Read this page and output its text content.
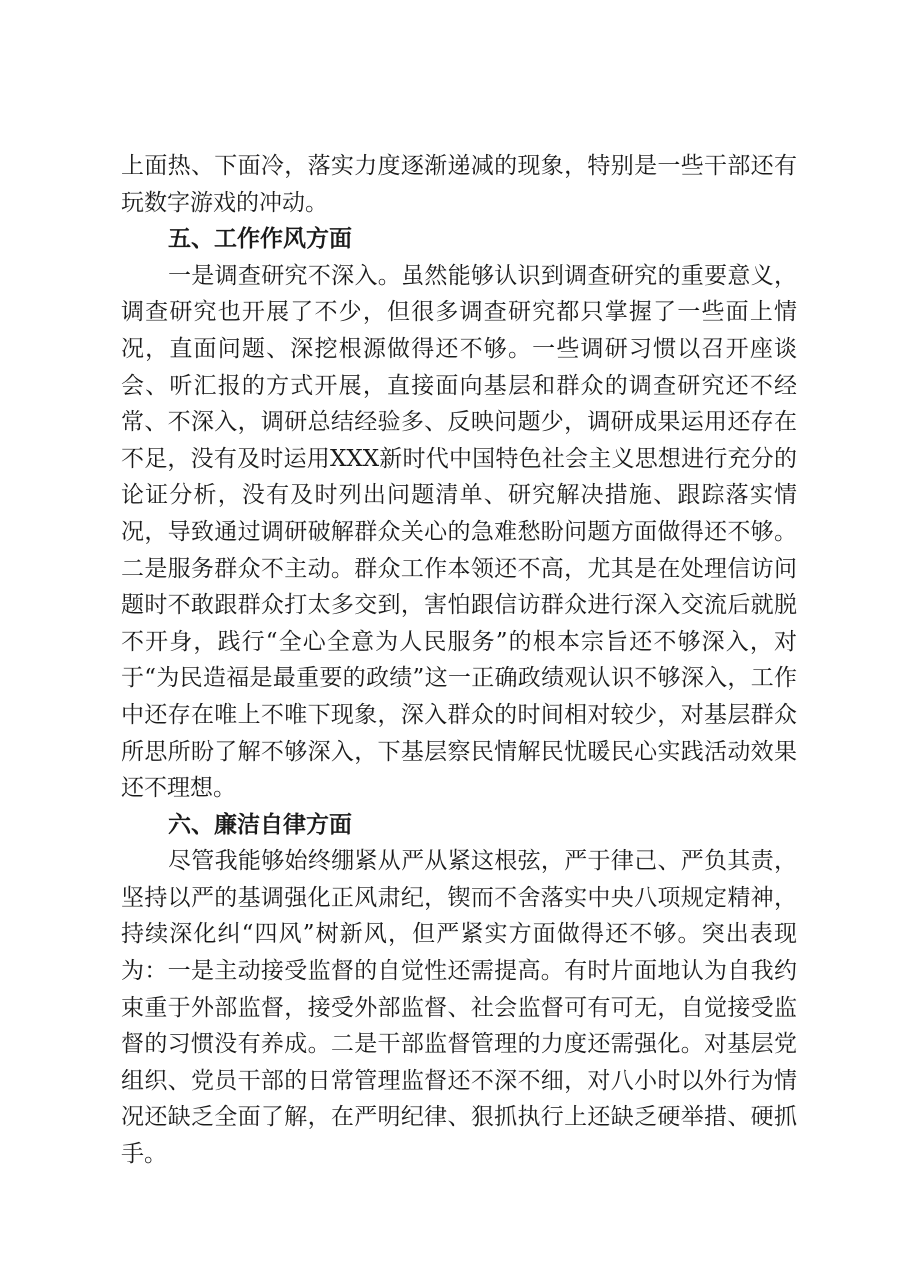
上面热、下面冷，落实力度逐渐递减的现象，特别是一些干部还有玩数字游戏的冲动。

五、工作作风方面

一是调查研究不深入。虽然能够认识到调查研究的重要意义，调查研究也开展了不少，但很多调查研究都只掌握了一些面上情况，直面问题、深挖根源做得还不够。一些调研习惯以召开座谈会、听汇报的方式开展，直接面向基层和群众的调查研究还不经常、不深入，调研总结经验多、反映问题少，调研成果运用还存在不足，没有及时运用XXX新时代中国特色社会主义思想进行充分的论证分析，没有及时列出问题清单、研究解决措施、跟踪落实情况，导致通过调研破解群众关心的急难愁盼问题方面做得还不够。二是服务群众不主动。群众工作本领还不高，尤其是在处理信访问题时不敢跟群众打太多交到，害怕跟信访群众进行深入交流后就脱不开身，践行“全心全意为人民服务”的根本宗旨还不够深入，对于“为民造福是最重要的政绩”这一正确政绩观认识不够深入，工作中还存在唯上不唯下现象，深入群众的时间相对较少，对基层群众所思所盼了解不够深入，下基层察民情解民忧暖民心实践活动效果还不理想。

六、廉洁自律方面

尽管我能够始终绷紧从严从紧这根弦，严于律己、严负其责，坚持以严的基调强化正风肃纪，锲而不舍落实中央八项规定精神，持续深化纠“四风”树新风，但严紧实方面做得还不够。突出表现为：一是主动接受监督的自觉性还需提高。有时片面地认为自我约束重于外部监督，接受外部监督、社会监督可有可无，自觉接受监督的习惯没有养成。二是干部监督管理的力度还需强化。对基层党组织、党员干部的日常管理监督还不深不细，对八小时以外行为情况还缺乏全面了解，在严明纪律、狠抓执行上还缺乏硬举措、硬抓手。
